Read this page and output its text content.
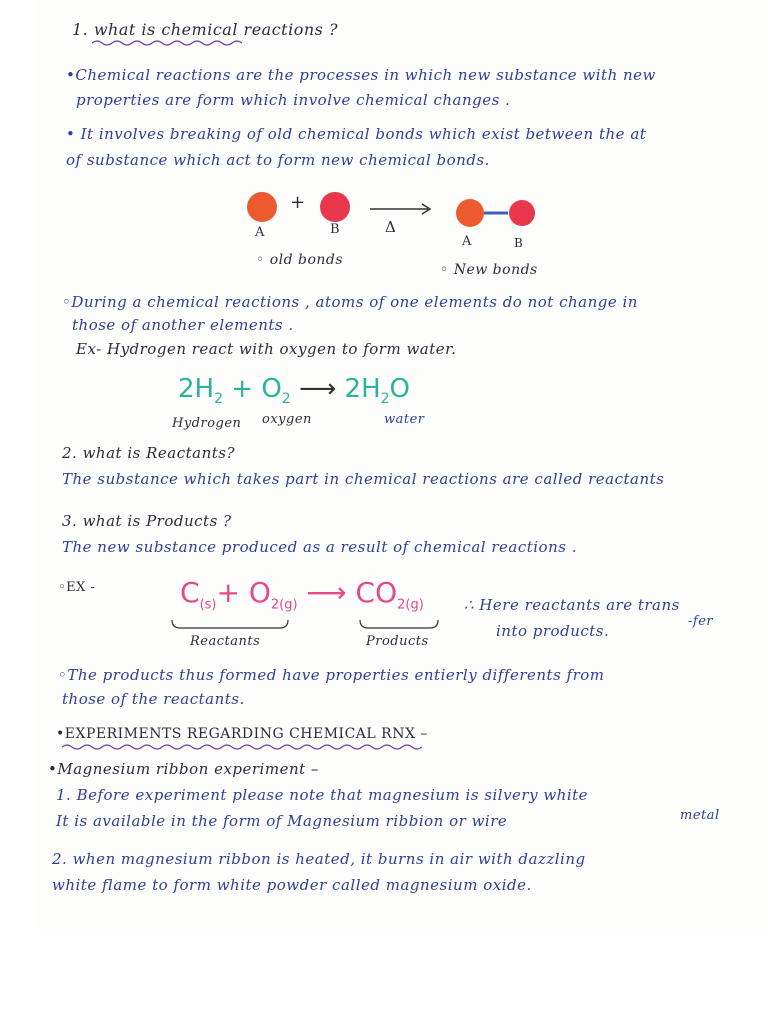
1. what is chemical reactions ?
•Chemical reactions are the processes in which new substance with new
properties are form which involve chemical changes .
• It involves breaking of old chemical bonds which exist between the at
of substance which act to form new chemical bonds.
+
Δ
A	B
A	B
◦ old bonds
◦ New bonds
◦During a chemical reactions , atoms of one elements do not change in
those of another elements .
Ex- Hydrogen react with oxygen to form water.
$2H_2 + O_2$ ⟶ $2H_2O$
Hydrogen oxygen	water
2. what is Reactants?
The substance which takes part in chemical reactions are called reactants
3. what is Products ?
The new substance produced as a result of chemical reactions .
◦EX -	$C_{(s)}+ O_{2(g)}$ ⟶ $CO_{2(g)}$
Reactants	Products
∴ Here reactants are trans
into products.
-fer
◦The products thus formed have properties entierly differents from
those of the reactants.
•EXPERIMENTS REGARDING CHEMICAL RNX –
•Magnesium ribbon experiment –
1. Before experiment please note that magnesium is silvery white
It is available in the form of Magnesium ribbion or wire	metal
2. when magnesium ribbon is heated, it burns in air with dazzling
white flame to form white powder called magnesium oxide.
